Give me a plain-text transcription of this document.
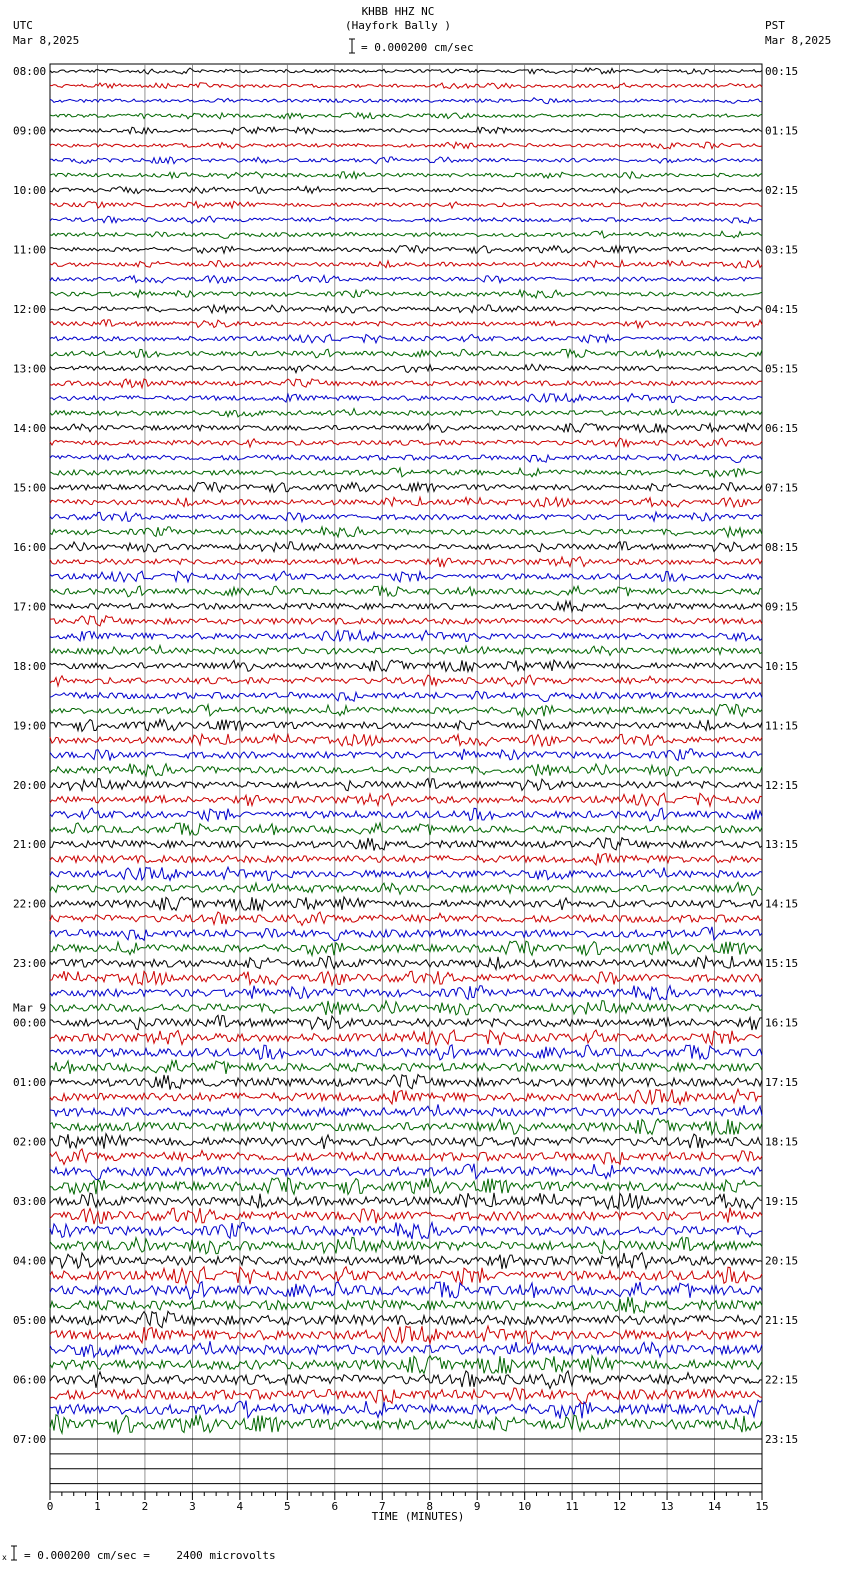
KHBB HHZ NC
(Hayfork Bally )
= 0.000200 cm/sec
UTC
Mar 8,2025
PST
Mar 8,2025
08:00
09:00
10:00
11:00
12:00
13:00
14:00
15:00
16:00
17:00
18:00
19:00
20:00
21:00
22:00
23:00
Mar 9
00:00
01:00
02:00
03:00
04:00
05:00
06:00
07:00
00:15
01:15
02:15
03:15
04:15
05:15
06:15
07:15
08:15
09:15
10:15
11:15
12:15
13:15
14:15
15:15
16:15
17:15
18:15
19:15
20:15
21:15
22:15
23:15
0	1	2	3	4	5	6	7	8	9	10	11	12	13	14	15
TIME (MINUTES)
x = 0.000200 cm/sec =    2400 microvolts
